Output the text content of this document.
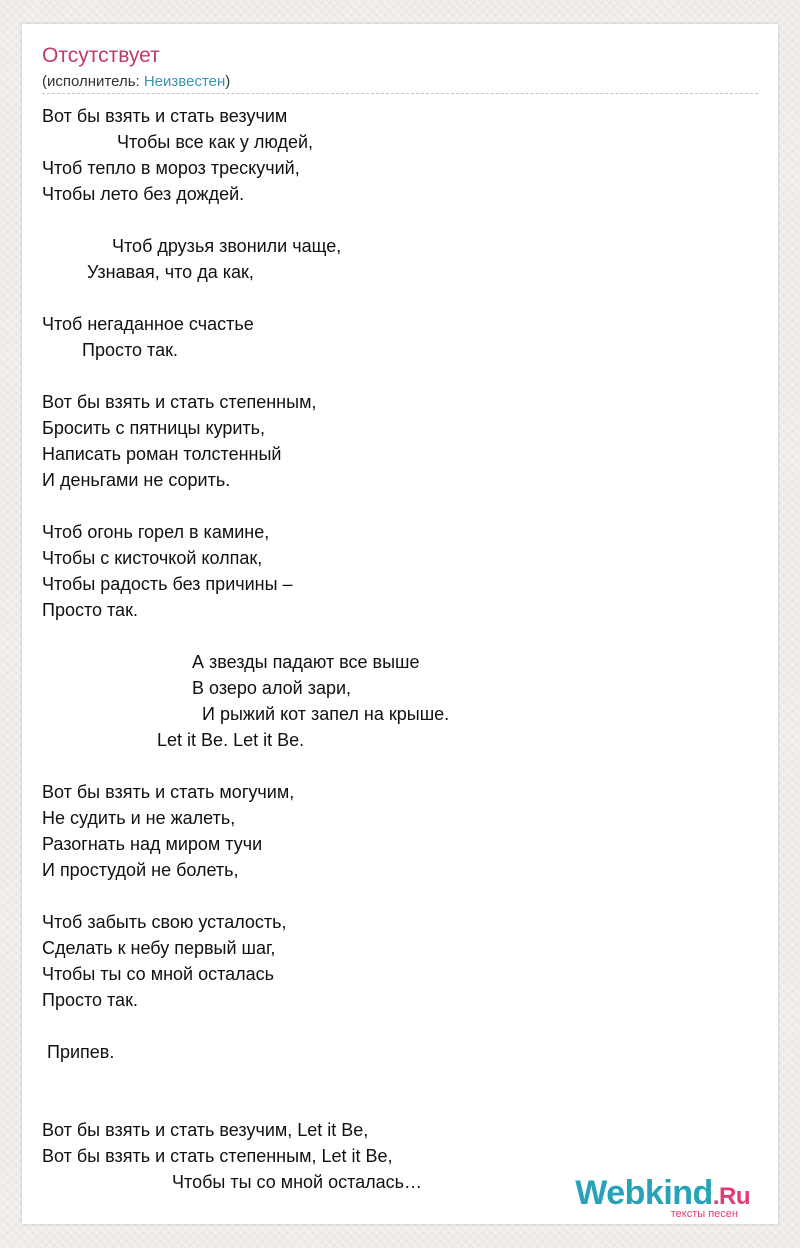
Отсутствует
(исполнитель: Неизвестен)
Вот бы взять и стать везучим
Чтобы все как у людей,
Чтоб тепло в мороз трескучий,
Чтобы лето без дождей.
Чтоб друзья звонили чаще,
Узнавая, что да как,
Чтоб негаданное счастье
Просто так.
Вот бы взять и стать степенным,
Бросить с пятницы курить,
Написать роман толстенный
И деньгами не сорить.
Чтоб огонь горел в камине,
Чтобы с кисточкой колпак,
Чтобы радость без причины –
Просто так.
А звезды падают все выше
В озеро алой зари,
И рыжий кот запел на крыше.
Let it Be. Let it Be.
Вот бы взять и стать могучим,
Не судить и не жалеть,
Разогнать над миром тучи
И простудой не болеть,
Чтоб забыть свою усталость,
Сделать к небу первый шаг,
Чтобы ты со мной осталась
Просто так.
Припев.
Вот бы взять и стать везучим, Let it Be,
Вот бы взять и стать степенным, Let it Be,
Чтобы ты со мной осталась…	Webkind.Ru
тексты песен
